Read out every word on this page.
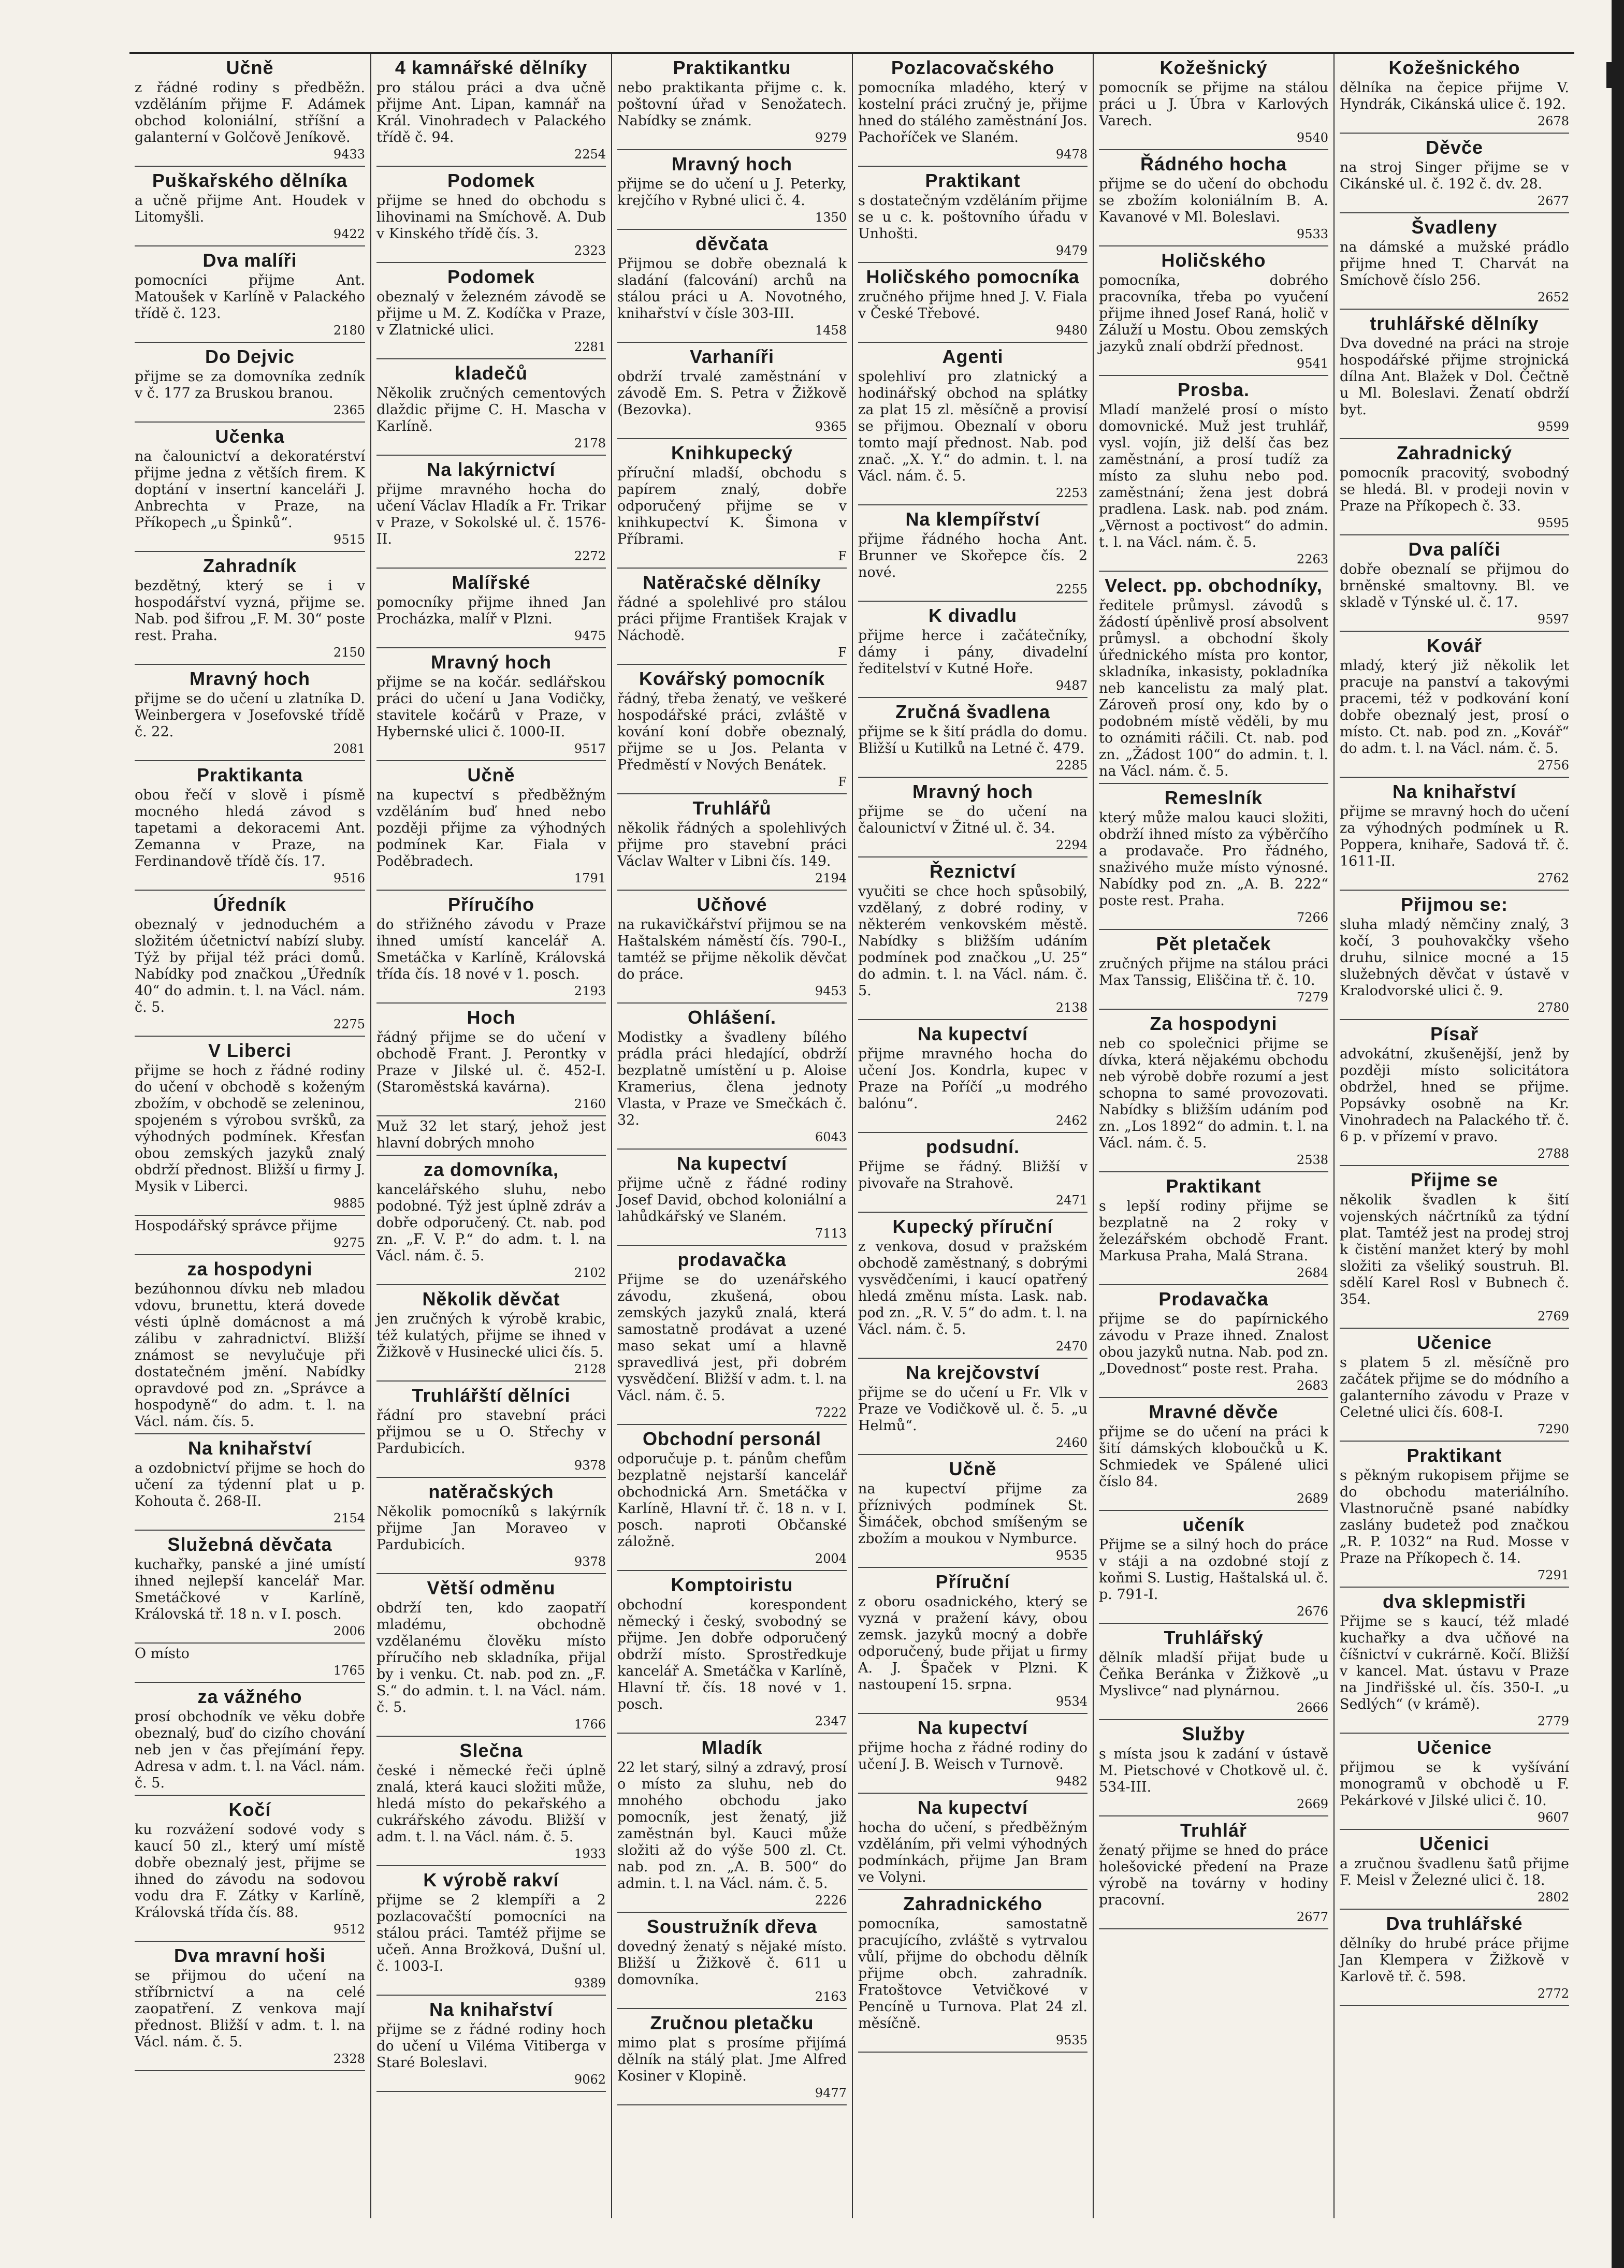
Učně
z řádné rodiny s předběžn. vzděláním přijme F. Adámek obchod koloniální, stříšní a galanterní v Golčově Jeníkově.
9433
Puškařského dělníka
a učně přijme Ant. Houdek v Litomyšli.
9422
Dva malíři
pomocníci přijme Ant. Matoušek v Karlíně v Palackého třídě č. 123.
2180
Do Dejvic
přijme se za domovníka zedník v č. 177 za Bruskou branou.
2365
Učenka
na čalounictví a dekoratérství přijme jedna z větších firem. K doptání v insertní kanceláři J. Anbrechta v Praze, na Příkopech „u Špinků“.
9515
Zahradník
bezdětný, který se i v hospodářství vyzná, přijme se. Nab. pod šifrou „F. M. 30“ poste rest. Praha.
2150
Mravný hoch
přijme se do učení u zlatníka D. Weinbergera v Josefovské třídě č. 22.
2081
Praktikanta
obou řečí v slově i písmě mocného hledá závod s tapetami a dekoracemi Ant. Zemanna v Praze, na Ferdinandově třídě čís. 17.
9516
Úředník
obeznalý v jednoduchém a složitém účetnictví nabízí sluby. Týž by přijal též práci domů. Nabídky pod značkou „Úředník 40“ do admin. t. l. na Václ. nám. č. 5.
2275
V Liberci
přijme se hoch z řádné rodiny do učení v obchodě s koženým zbožím, v obchodě se zeleninou, spojeném s výrobou svršků, za výhodných podmínek. Křesťan obou zemských jazyků znalý obdrží přednost. Bližší u firmy J. Mysik v Liberci.
9885
Hospodářský správce přijme
9275
za hospodyni
bezúhonnou dívku neb mladou vdovu, brunettu, která dovede vésti úplně domácnost a má zálibu v zahradnictví. Bližší známost se nevylučuje při dostatečném jmění. Nabídky opravdové pod zn. „Správce a hospodyně“ do adm. t. l. na Václ. nám. čís. 5.
Na knihařství
a ozdobnictví přijme se hoch do učení za týdenní plat u p. Kohouta č. 268-II.
2154
Služebná děvčata
kuchařky, panské a jiné umístí ihned nejlepší kancelář Mar. Smetáčkové v Karlíně, Královská tř. 18 n. v I. posch.
2006
O místo
1765
za vážného
prosí obchodník ve věku dobře obeznalý, buď do cizího chování neb jen v čas přejímání řepy. Adresa v adm. t. l. na Václ. nám. č. 5.
Kočí
ku rozvážení sodové vody s kaucí 50 zl., který umí místě dobře obeznalý jest, přijme se ihned do závodu na sodovou vodu dra F. Zátky v Karlíně, Královská třída čís. 88.
9512
Dva mravní hoši
se přijmou do učení na stříbrnictví a na celé zaopatření. Z venkova mají přednost. Bližší v adm. t. l. na Václ. nám. č. 5.
2328
4 kamnářské dělníky
pro stálou práci a dva učně přijme Ant. Lipan, kamnář na Král. Vinohradech v Palackého třídě č. 94.
2254
Podomek
přijme se hned do obchodu s lihovinami na Smíchově. A. Dub v Kinského třídě čís. 3.
2323
Podomek
obeznalý v železném závodě se přijme u M. Z. Kodíčka v Praze, v Zlatnické ulici.
2281
kladečů
Několik zručných cementových dlaždic přijme C. H. Mascha v Karlíně.
2178
Na lakýrnictví
přijme mravného hocha do učení Václav Hladík a Fr. Trikar v Praze, v Sokolské ul. č. 1576-II.
2272
Malířské
pomocníky přijme ihned Jan Procházka, malíř v Plzni.
9475
Mravný hoch
přijme se na kočár. sedlářskou práci do učení u Jana Vodičky, stavitele kočárů v Praze, v Hybernské ulici č. 1000-II.
9517
Učně
na kupectví s předběžným vzděláním buď hned nebo později přijme za výhodných podmínek Kar. Fiala v Poděbradech.
1791
Příručího
do střižného závodu v Praze ihned umístí kancelář A. Smetáčka v Karlíně, Královská třída čís. 18 nové v 1. posch.
2193
Hoch
řádný přijme se do učení v obchodě Frant. J. Perontky v Praze v Jilské ul. č. 452-I. (Staroměstská kavárna).
2160
Muž 32 let starý, jehož jest hlavní dobrých mnoho
za domovníka,
kancelářského sluhu, nebo podobné. Týž jest úplně zdráv a dobře odporučený. Ct. nab. pod zn. „F. V. P.“ do adm. t. l. na Václ. nám. č. 5.
2102
Několik děvčat
jen zručných k výrobě krabic, též kulatých, přijme se ihned v Žižkově v Husinecké ulici čís. 5.
2128
Truhlářští dělníci
řádní pro stavební práci přijmou se u O. Střechy v Pardubicích.
9378
natěračských
Několik pomocníků s lakýrník přijme Jan Moraveo v Pardubicích.
9378
Větší odměnu
obdrží ten, kdo zaopatří mladému, obchodně vzdělanému člověku místo příručího neb skladníka, přijal by i venku. Ct. nab. pod zn. „F. S.“ do admin. t. l. na Václ. nám. č. 5.
1766
Slečna
české i německé řeči úplně znalá, která kauci složiti může, hledá místo do pekařského a cukrářského závodu. Bližší v adm. t. l. na Václ. nám. č. 5.
1933
K výrobě rakví
přijme se 2 klempíři a 2 pozlacovačští pomocníci na stálou práci. Tamtéž přijme se učeň. Anna Brožková, Dušní ul. č. 1003-I.
9389
Na knihařství
přijme se z řádné rodiny hoch do učení u Viléma Vitiberga v Staré Boleslavi.
9062
Praktikantku
nebo praktikanta přijme c. k. poštovní úřad v Senožatech. Nabídky se známk.
9279
Mravný hoch
přijme se do učení u J. Peterky, krejčího v Rybné ulici č. 4.
1350
děvčata
Přijmou se dobře obeznalá k sladání (falcování) archů na stálou práci u A. Novotného, knihařství v čísle 303-III.
1458
Varhaníři
obdrží trvalé zaměstnání v závodě Em. S. Petra v Žižkově (Bezovka).
9365
Knihkupecký
příruční mladší, obchodu s papírem znalý, dobře odporučený přijme se v knihkupectví K. Šimona v Příbrami.
F
Natěračské dělníky
řádné a spolehlivé pro stálou práci přijme František Krajak v Náchodě.
F
Kovářský pomocník
řádný, třeba ženatý, ve veškeré hospodářské práci, zvláště v kování koní dobře obeznalý, přijme se u Jos. Pelanta v Předměstí v Nových Benátek.
F
Truhlářů
několik řádných a spolehlivých přijme pro stavební práci Václav Walter v Libni čís. 149.
2194
Učňové
na rukavičkářství přijmou se na Haštalském náměstí čís. 790-I., tamtéž se přijme několik děvčat do práce.
9453
Ohlášení.
Modistky a švadleny bílého prádla práci hledající, obdrží bezplatně umístění u p. Aloise Kramerius, člena jednoty Vlasta, v Praze ve Smečkách č. 32.
6043
Na kupectví
přijme učně z řádné rodiny Josef David, obchod koloniální a lahůdkářský ve Slaném.
7113
prodavačka
Přijme se do uzenářského závodu, zkušená, obou zemských jazyků znalá, která samostatně prodávat a uzené maso sekat umí a hlavně spravedlivá jest, při dobrém vysvědčení. Bližší v adm. t. l. na Václ. nám. č. 5.
7222
Obchodní personál
odporučuje p. t. pánům chefům bezplatně nejstarší kancelář obchodnická Arn. Smetáčka v Karlíně, Hlavní tř. č. 18 n. v I. posch. naproti Občanské záložně.
2004
Komptoiristu
obchodní korespondent německý i český, svobodný se přijme. Jen dobře odporučený obdrží místo. Sprostředkuje kancelář A. Smetáčka v Karlíně, Hlavní tř. čís. 18 nové v 1. posch.
2347
Mladík
22 let starý, silný a zdravý, prosí o místo za sluhu, neb do mnohého obchodu jako pomocník, jest ženatý, již zaměstnán byl. Kauci může složiti až do výše 500 zl. Ct. nab. pod zn. „A. B. 500“ do admin. t. l. na Václ. nám. č. 5.
2226
Soustružník dřeva
dovedný ženatý s nějaké místo. Bližší u Žižkově č. 611 u domovníka.
2163
Zručnou pletačku
mimo plat s prosíme přijímá dělník na stálý plat. Jme Alfred Kosiner v Klopině.
9477
Pozlacovačského
pomocníka mladého, který v kostelní práci zručný je, přijme hned do stálého zaměstnání Jos. Pachoříček ve Slaném.
9478
Praktikant
s dostatečným vzděláním přijme se u c. k. poštovního úřadu v Unhošti.
9479
Holičského pomocníka
zručného přijme hned J. V. Fiala v České Třebové.
9480
Agenti
spolehliví pro zlatnický a hodinářský obchod na splátky za plat 15 zl. měsíčně a provisí se přijmou. Obeznalí v oboru tomto mají přednost. Nab. pod znač. „X. Y.“ do admin. t. l. na Václ. nám. č. 5.
2253
Na klempířství
přijme řádného hocha Ant. Brunner ve Skořepce čís. 2 nové.
2255
K divadlu
přijme herce i začátečníky, dámy i pány, divadelní ředitelství v Kutné Hoře.
9487
Zručná švadlena
přijme se k šití prádla do domu. Bližší u Kutilků na Letné č. 479.
2285
Mravný hoch
přijme se do učení na čalounictví v Žitné ul. č. 34.
2294
Řeznictví
vyučiti se chce hoch spůsobilý, vzdělaný, z dobré rodiny, v některém venkovském městě. Nabídky s bližším udáním podmínek pod značkou „U. 25“ do admin. t. l. na Václ. nám. č. 5.
2138
Na kupectví
přijme mravného hocha do učení Jos. Kondrla, kupec v Praze na Poříčí „u modrého balónu“.
2462
podsudní.
Přijme se řádný. Bližší v pivovaře na Strahově.
2471
Kupecký příruční
z venkova, dosud v pražském obchodě zaměstnaný, s dobrými vysvědčeními, i kaucí opatřený hledá změnu místa. Lask. nab. pod zn. „R. V. 5“ do adm. t. l. na Václ. nám. č. 5.
2470
Na krejčovství
přijme se do učení u Fr. Vlk v Praze ve Vodičkově ul. č. 5. „u Helmů“.
2460
Učně
na kupectví přijme za příznivých podmínek St. Šimáček, obchod smíšeným se zbožím a moukou v Nymburce.
9535
Příruční
z oboru osadnického, který se vyzná v pražení kávy, obou zemsk. jazyků mocný a dobře odporučený, bude přijat u firmy A. J. Špaček v Plzni. K nastoupení 15. srpna.
9534
Na kupectví
přijme hocha z řádné rodiny do učení J. B. Weisch v Turnově.
9482
Na kupectví
hocha do učení, s předběžným vzděláním, při velmi výhodných podmínkách, přijme Jan Bram ve Volyni.
Zahradnického
pomocníka, samostatně pracujícího, zvláště s vytrvalou vůlí, přijme do obchodu dělník přijme obch. zahradník. Fratoštovce Vetvičkové v Pencíně u Turnova. Plat 24 zl. měsíčně.
9535
Kožešnický
pomocník se přijme na stálou práci u J. Úbra v Karlových Varech.
9540
Řádného hocha
přijme se do učení do obchodu se zbožím koloniálním B. A. Kavanové v Ml. Boleslavi.
9533
Holičského
pomocníka, dobrého pracovníka, třeba po vyučení přijme ihned Josef Raná, holič v Záluží u Mostu. Obou zemských jazyků znalí obdrží přednost.
9541
Prosba.
Mladí manželé prosí o místo domovnické. Muž jest truhlář, vysl. vojín, již delší čas bez zaměstnání, a prosí tudíž za místo za sluhu nebo pod. zaměstnání; žena jest dobrá pradlena. Lask. nab. pod znám. „Věrnost a poctivost“ do admin. t. l. na Václ. nám. č. 5.
2263
Velect. pp. obchodníky,
ředitele průmysl. závodů s žádostí úpěnlivě prosí absolvent průmysl. a obchodní školy úřednického místa pro kontor, skladníka, inkasisty, pokladníka neb kancelistu za malý plat. Zároveň prosí ony, kdo by o podobném místě věděli, by mu to oznámiti ráčili. Ct. nab. pod zn. „Žádost 100“ do admin. t. l. na Václ. nám. č. 5.
Remeslník
který může malou kauci složiti, obdrží ihned místo za výběrčího a prodavače. Pro řádného, snaživého muže místo výnosné. Nabídky pod zn. „A. B. 222“ poste rest. Praha.
7266
Pět pletaček
zručných přijme na stálou práci Max Tanssig, Eliščina tř. č. 10.
7279
Za hospodyni
neb co společnici přijme se dívka, která nějakému obchodu neb výrobě dobře rozumí a jest schopna to samé provozovati. Nabídky s bližším udáním pod zn. „Los 1892“ do admin. t. l. na Václ. nám. č. 5.
2538
Praktikant
s lepší rodiny přijme se bezplatně na 2 roky v železářském obchodě Frant. Markusa Praha, Malá Strana.
2684
Prodavačka
přijme se do papírnického závodu v Praze ihned. Znalost obou jazyků nutna. Nab. pod zn. „Dovednost“ poste rest. Praha.
2683
Mravné děvče
přijme se do učení na práci k šití dámských kloboučků u K. Schmiedek ve Spálené ulici číslo 84.
2689
učeník
Přijme se a silný hoch do práce v stáji a na ozdobné stojí z koňmi S. Lustig, Haštalská ul. č. p. 791-I.
2676
Truhlářský
dělník mladší přijat bude u Čeňka Beránka v Žižkově „u Myslivce“ nad plynárnou.
2666
Služby
s místa jsou k zadání v ústavě M. Pietschové v Chotkově ul. č. 534-III.
2669
Truhlář
ženatý přijme se hned do práce holešovické předení na Praze výrobě na továrny v hodiny pracovní.
2677
Kožešnického
dělníka na čepice přijme V. Hyndrák, Cikánská ulice č. 192.
2678
Děvče
na stroj Singer přijme se v Cikánské ul. č. 192 č. dv. 28.
2677
Švadleny
na dámské a mužské prádlo přijme hned T. Charvát na Smíchově číslo 256.
2652
truhlářské dělníky
Dva dovedné na práci na stroje hospodářské přijme strojnická dílna Ant. Blažek v Dol. Čečtně u Ml. Boleslavi. Ženatí obdrží byt.
9599
Zahradnický
pomocník pracovitý, svobodný se hledá. Bl. v prodeji novin v Praze na Příkopech č. 33.
9595
Dva palíči
dobře obeznalí se přijmou do brněnské smaltovny. Bl. ve skladě v Týnské ul. č. 17.
9597
Kovář
mladý, který již několik let pracuje na panství a takovými pracemi, též v podkování koní dobře obeznalý jest, prosí o místo. Ct. nab. pod zn. „Kovář“ do adm. t. l. na Václ. nám. č. 5.
2756
Na knihařství
přijme se mravný hoch do učení za výhodných podmínek u R. Poppera, knihaře, Sadová tř. č. 1611-II.
2762
Přijmou se:
sluha mladý němčiny znalý, 3 kočí, 3 pouhovakčky všeho druhu, silnice mocné a 15 služebných děvčat v ústavě v Kralodvorské ulici č. 9.
2780
Písař
advokátní, zkušenější, jenž by později místo solicitátora obdržel, hned se přijme. Popsávky osobně na Kr. Vinohradech na Palackého tř. č. 6 p. v přízemí v pravo.
2788
Přijme se
několik švadlen k šití vojenských náčrtníků za týdní plat. Tamtéž jest na prodej stroj k čistění manžet který by mohl složiti za všeliký soustruh. Bl. sdělí Karel Rosl v Bubnech č. 354.
2769
Učenice
s platem 5 zl. měsíčně pro začátek přijme se do módního a galanterního závodu v Praze v Celetné ulici čís. 608-I.
7290
Praktikant
s pěkným rukopisem přijme se do obchodu materiálního. Vlastnoručně psané nabídky zaslány budetež pod značkou „R. P. 1032“ na Rud. Mosse v Praze na Příkopech č. 14.
7291
dva sklepmistři
Přijme se s kaucí, též mladé kuchařky a dva učňové na číšnictví v cukrárně. Kočí. Bližší v kancel. Mat. ústavu v Praze na Jindřišské ul. čís. 350-I. „u Sedlých“ (v krámě).
2779
Učenice
přijmou se k vyšívání monogramů v obchodě u F. Pekárkové v Jilské ulici č. 10.
9607
Učenici
a zručnou švadlenu šatů přijme F. Meisl v Železné ulici č. 18.
2802
Dva truhlářské
dělníky do hrubé práce přijme Jan Klempera v Žižkově v Karlově tř. č. 598.
2772
